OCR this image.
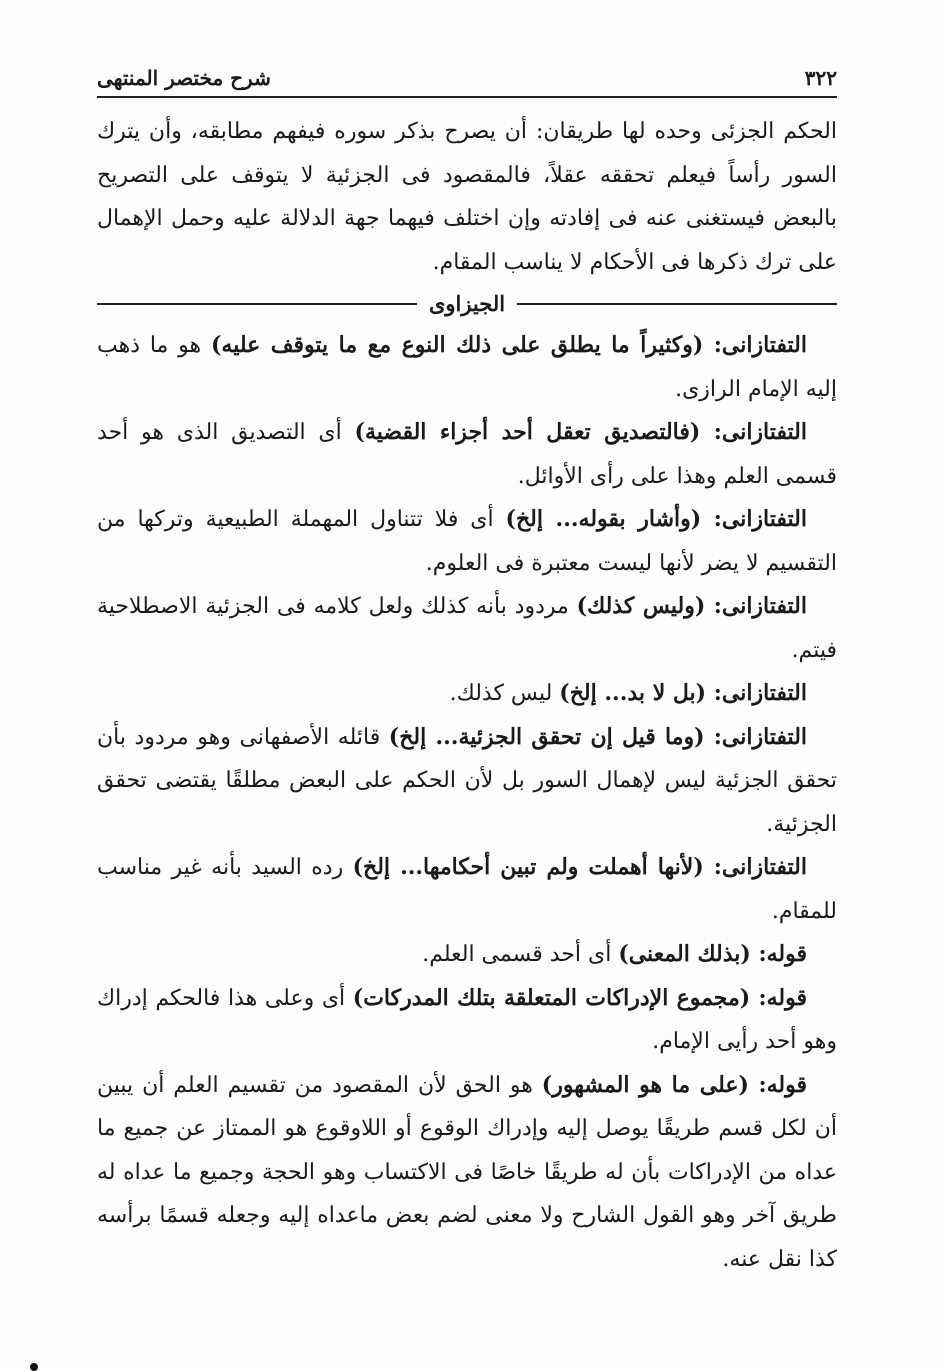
٣٢٢
شرح مختصر المنتهى

الحكم الجزئى وحده لها طريقان: أن يصرح بذكر سوره فيفهم مطابقه، وأن يترك السور رأساً فيعلم تحققه عقلاً، فالمقصود فى الجزئية لا يتوقف على التصريح بالبعض فيستغنى عنه فى إفادته وإن اختلف فيهما جهة الدلالة عليه وحمل الإهمال على ترك ذكرها فى الأحكام لا يناسب المقام.

الجيزاوى

التفتازانى: (وكثيراً ما يطلق على ذلك النوع مع ما يتوقف عليه) هو ما ذهب إليه الإمام الرازى.

التفتازانى: (فالتصديق تعقل أحد أجزاء القضية) أى التصديق الذى هو أحد قسمى العلم وهذا على رأى الأوائل.

التفتازانى: (وأشار بقوله... إلخ) أى فلا تتناول المهملة الطبيعية وتركها من التقسيم لا يضر لأنها ليست معتبرة فى العلوم.

التفتازانى: (وليس كذلك) مردود بأنه كذلك ولعل كلامه فى الجزئية الاصطلاحية فيتم.

التفتازانى: (بل لا بد... إلخ) ليس كذلك.

التفتازانى: (وما قيل إن تحقق الجزئية... إلخ) قائله الأصفهانى وهو مردود بأن تحقق الجزئية ليس لإهمال السور بل لأن الحكم على البعض مطلقًا يقتضى تحقق الجزئية.

التفتازانى: (لأنها أهملت ولم تبين أحكامها... إلخ) رده السيد بأنه غير مناسب للمقام.

قوله: (بذلك المعنى) أى أحد قسمى العلم.

قوله: (مجموع الإدراكات المتعلقة بتلك المدركات) أى وعلى هذا فالحكم إدراك وهو أحد رأيى الإمام.

قوله: (على ما هو المشهور) هو الحق لأن المقصود من تقسيم العلم أن يبين أن لكل قسم طريقًا يوصل إليه وإدراك الوقوع أو اللاوقوع هو الممتاز عن جميع ما عداه من الإدراكات بأن له طريقًا خاصًا فى الاكتساب وهو الحجة وجميع ما عداه له طريق آخر وهو القول الشارح ولا معنى لضم بعض ماعداه إليه وجعله قسمًا برأسه كذا نقل عنه.
